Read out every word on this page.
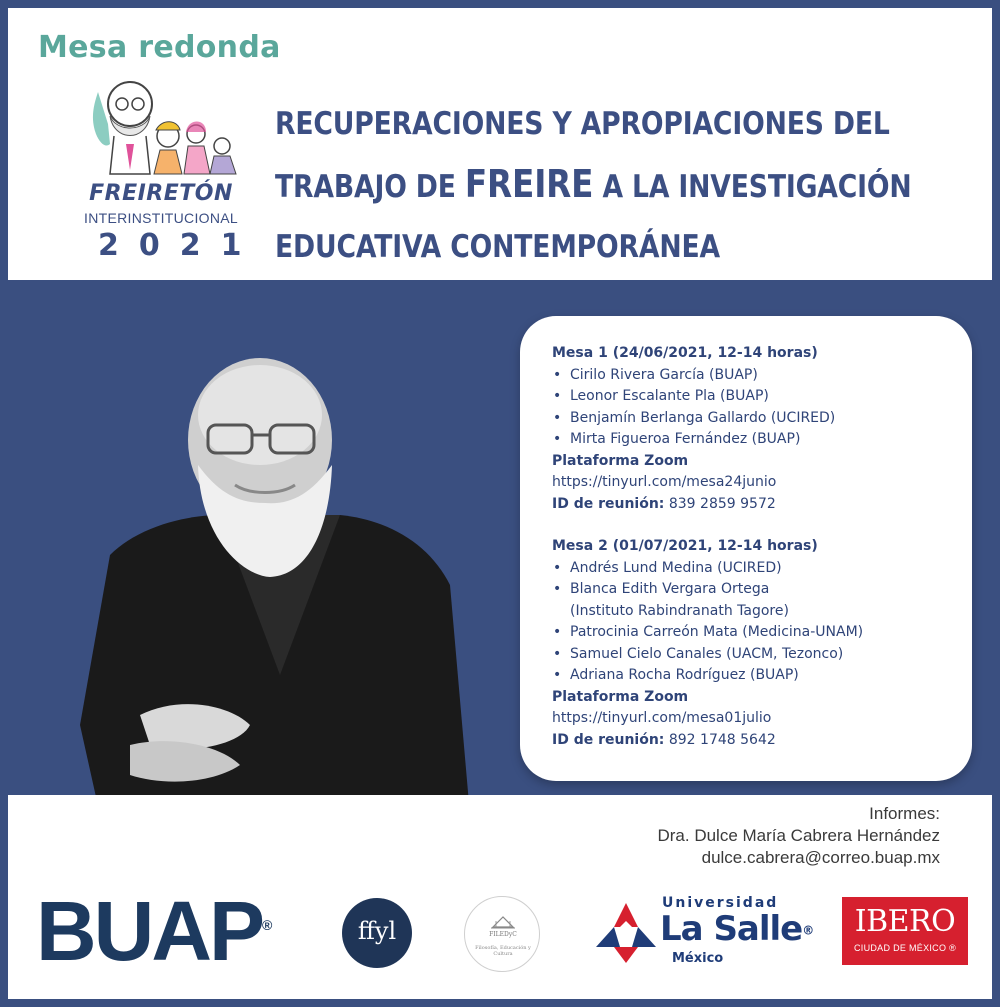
Mesa redonda
FREIRETÓN
INTERINSTITUCIONAL
2021
RECUPERACIONES Y APROPIACIONES DEL
TRABAJO DE FREIRE A LA INVESTIGACIÓN
EDUCATIVA CONTEMPORÁNEA
Mesa 1 (24/06/2021, 12-14 horas)
• Cirilo Rivera García (BUAP)
• Leonor Escalante Pla (BUAP)
• Benjamín Berlanga Gallardo (UCIRED)
• Mirta Figueroa Fernández (BUAP)
Plataforma Zoom
https://tinyurl.com/mesa24junio
ID de reunión: 839 2859 9572
Mesa 2 (01/07/2021, 12-14 horas)
• Andrés Lund Medina (UCIRED)
• Blanca Edith Vergara Ortega
(Instituto Rabindranath Tagore)
• Patrocinia Carreón Mata (Medicina-UNAM)
• Samuel Cielo Canales (UACM, Tezonco)
• Adriana Rocha Rodríguez (BUAP)
Plataforma Zoom
https://tinyurl.com/mesa01julio
ID de reunión: 892 1748 5642
Informes:
Dra. Dulce María Cabrera Hernández
dulce.cabrera@correo.buap.mx
BUAP®	ffyl	FILEDyC
Filosofía, Educación y Cultura
Universidad
La Salle®
México
IBERO
CIUDAD DE MÉXICO ®
